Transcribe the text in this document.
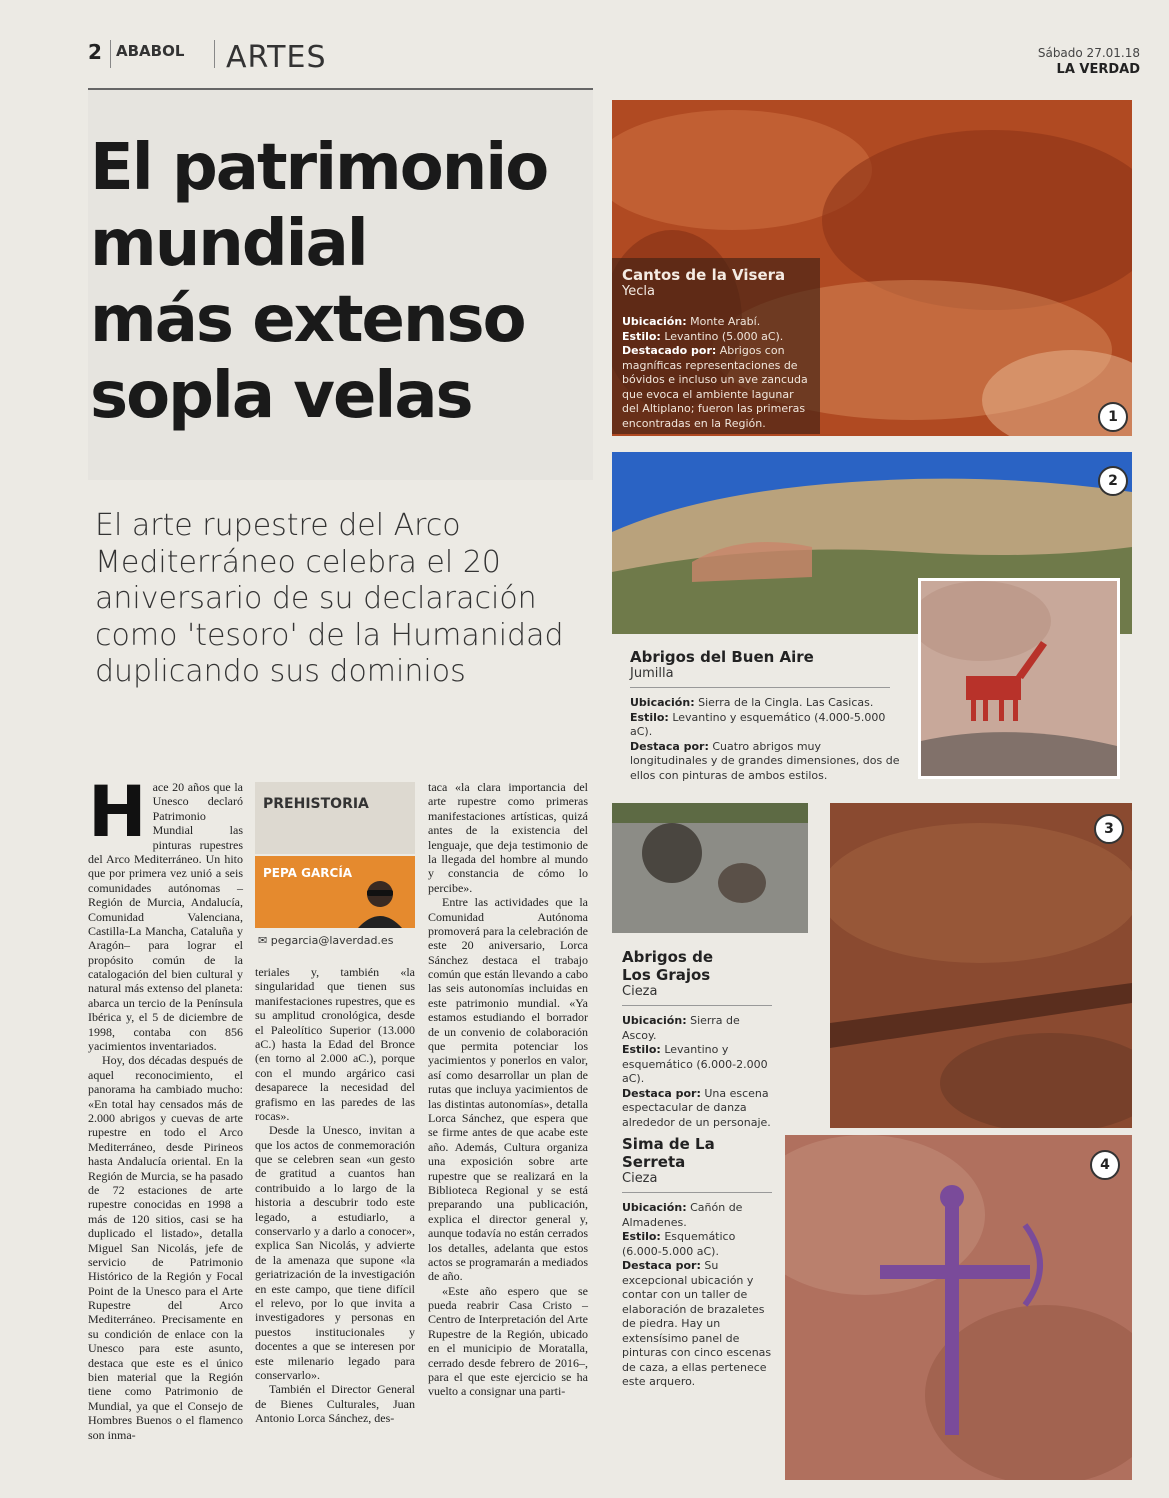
2 ABABOL ARTES	Sábado 27.01.18
LA VERDAD
El patrimonio
mundial
más extenso
sopla velas
El arte rupestre del Arco
Mediterráneo celebra el 20
aniversario de su declaración
como 'tesoro' de la Humanidad
duplicando sus dominios

Hace 20 años que la Unesco declaró Patrimonio Mundial las pinturas rupestres del Arco Mediterráneo. Un hito que por primera vez unió a seis comunidades autónomas –Región de Murcia, Andalucía, Comunidad Valenciana, Castilla-La Mancha, Cataluña y Aragón– para lograr el propósito común de la catalogación del bien cultural y natural más extenso del planeta: abarca un tercio de la Península Ibérica y, el 5 de diciembre de 1998, contaba con 856 yacimientos inventariados.

Hoy, dos décadas después de aquel reconocimiento, el panorama ha cambiado mucho: «En total hay censados más de 2.000 abrigos y cuevas de arte rupestre en todo el Arco Mediterráneo, desde Pirineos hasta Andalucía oriental. En la Región de Murcia, se ha pasado de 72 estaciones de arte rupestre conocidas en 1998 a más de 120 sitios, casi se ha duplicado el listado», detalla Miguel San Nicolás, jefe de servicio de Patrimonio Histórico de la Región y Focal Point de la Unesco para el Arte Rupestre del Arco Mediterráneo. Precisamente en su condición de enlace con la Unesco para este asunto, destaca que este es el único bien material que la Región tiene como Patrimonio de Mundial, ya que el Consejo de Hombres Buenos o el flamenco son inma-

PREHISTORIA
PEPA GARCÍA
✉ pegarcia@laverdad.es

teriales y, también «la singularidad que tienen sus manifestaciones rupestres, que es su amplitud cronológica, desde el Paleolítico Superior (13.000 aC.) hasta la Edad del Bronce (en torno al 2.000 aC.), porque con el mundo argárico casi desaparece la necesidad del grafismo en las paredes de las rocas».

Desde la Unesco, invitan a que los actos de conmemoración que se celebren sean «un gesto de gratitud a cuantos han contribuido a lo largo de la historia a descubrir todo este legado, a estudiarlo, a conservarlo y a darlo a conocer», explica San Nicolás, y advierte de la amenaza que supone «la geriatrización de la investigación en este campo, que tiene difícil el relevo, por lo que invita a investigadores y personas en puestos institucionales y docentes a que se interesen por este milenario legado para conservarlo».

También el Director General de Bienes Culturales, Juan Antonio Lorca Sánchez, des-

taca «la clara importancia del arte rupestre como primeras manifestaciones artísticas, quizá antes de la existencia del lenguaje, que deja testimonio de la llegada del hombre al mundo y constancia de cómo lo percibe».

Entre las actividades que la Comunidad Autónoma promoverá para la celebración de este 20 aniversario, Lorca Sánchez destaca el trabajo común que están llevando a cabo las seis autonomías incluidas en este patrimonio mundial. «Ya estamos estudiando el borrador de un convenio de colaboración que permita potenciar los yacimientos y ponerlos en valor, así como desarrollar un plan de rutas que incluya yacimientos de las distintas autonomías», detalla Lorca Sánchez, que espera que se firme antes de que acabe este año. Además, Cultura organiza una exposición sobre arte rupestre que se realizará en la Biblioteca Regional y se está preparando una publicación, explica el director general y, aunque todavía no están cerrados los detalles, adelanta que estos actos se programarán a mediados de año.

«Este año espero que se pueda reabrir Casa Cristo –Centro de Interpretación del Arte Rupestre de la Región, ubicado en el municipio de Moratalla, cerrado desde febrero de 2016–, para el que este ejercicio se ha vuelto a consignar una parti-

Cantos de la Visera
Yecla
Ubicación: Monte Arabí.
Estilo: Levantino (5.000 aC).
Destacado por: Abrigos con magníficas representaciones de bóvidos e incluso un ave zancuda que evoca el ambiente lagunar del Altiplano; fueron las primeras encontradas en la Región.	1
2
Abrigos del Buen Aire
Jumilla
Ubicación: Sierra de la Cingla. Las Casicas.
Estilo: Levantino y esquemático (4.000-5.000 aC).
Destaca por: Cuatro abrigos muy longitudinales y de grandes dimensiones, dos de ellos con pinturas de ambos estilos.
3
Abrigos de Los Grajos
Cieza
Ubicación: Sierra de Ascoy.
Estilo: Levantino y esquemático (6.000-2.000 aC).
Destaca por: Una escena espectacular de danza alrededor de un personaje.
4
Sima de La Serreta
Cieza
Ubicación: Cañón de Almadenes.
Estilo: Esquemático (6.000-5.000 aC).
Destaca por: Su excepcional ubicación y contar con un taller de elaboración de brazaletes de piedra. Hay un extensísimo panel de pinturas con cinco escenas de caza, a ellas pertenece este arquero.
